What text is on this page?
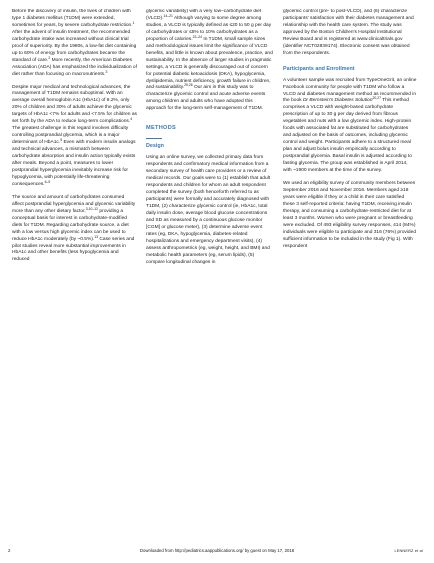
Before the discovery of insulin, the lives of children with type 1 diabetes mellitus (T1DM) were extended, sometimes for years, by severe carbohydrate restriction.$^1$ After the advent of insulin treatment, the recommended carbohydrate intake was increased without clinical trial proof of superiority. By the 1980s, a low-fat diet containing up to 60% of energy from carbohydrates became the standard of care.$^2$ More recently, the American Diabetes Association (ADA) has emphasized the individualization of diet rather than focusing on macronutrients.$^3$

Despite major medical and technological advances, the management of T1DM remains suboptimal. With an average overall hemoglobin A1c (HbA1c) of 8.2%, only 20% of children and 30% of adults achieve the glycemic targets of HbA1c <7% for adults and <7.5% for children as set forth by the ADA to reduce long-term complications.$^4$ The greatest challenge in this regard involves difficulty controlling postprandial glycemia, which is a major determinant of HbA1c.$^5$ Even with modern insulin analogs and technical advances, a mismatch between carbohydrate absorption and insulin action typically exists after meals. Beyond a point, measures to lower postprandial hyperglycemia inevitably increase risk for hypoglycemia, with potentially life-threatening consequences.$^{6-9}$

The source and amount of carbohydrates consumed affect postprandial hyperglycemia and glycemic variability more than any other dietary factor,$^{3,10-12}$ providing a conceptual basis for interest in carbohydrate-modified diets for T1DM. Regarding carbohydrate source, a diet with a low versus high glycemic index can be used to reduce HbA1c moderately (by ~0.5%).$^{13}$ Case series and pilot studies reveal more substantial improvements in HbA1c and other benefits (less hypoglycemia and reduced

glycemic variability) with a very low–carbohydrate diet (VLCD).$^{14-21}$ Although varying to some degree among studies, a VLCD is typically defined as ≤20 to 50 g per day of carbohydrates or ≤5% to 10% carbohydrates as a proportion of calories.$^{22-24}$ In T1DM, small sample sizes and methodological issues limit the significance of VLCD benefits, and little is known about prevalence, practice, and sustainability. In the absence of larger studies in pragmatic settings, a VLCD is generally discouraged out of concern for potential diabetic ketoacidosis (DKA), hypoglycemia, dyslipidemia, nutrient deficiency, growth failure in children, and sustainability.$^{25,26}$ Our aim in this study was to characterize glycemic control and acute adverse events among children and adults who have adopted this approach for the long-term self-management of T1DM.

METHODS
Design

Using an online survey, we collected primary data from respondents and confirmatory medical information from a secondary survey of health care providers or a review of medical records. Our goals were to (1) establish that adult respondents and children for whom an adult respondent completed the survey (both henceforth referred to as participants) were formally and accurately diagnosed with T1DM, (2) characterize glycemic control (ie, HbA1c, total daily insulin dose, average blood glucose concentrations and SD as measured by a continuous glucose monitor [CGM] or glucose meter), (3) determine adverse event rates (eg, DKA, hypoglycemia, diabetes-related hospitalizations and emergency department visits), (4) assess anthropometrics (eg, weight, height, and BMI) and metabolic health parameters (eg, serum lipids), (5) compare longitudinal changes in

glycemic control (pre- to post-VLCD), and (6) characterize participants' satisfaction with their diabetes management and relationship with the health care system. The study was approved by the Boston Children's Hospital Institutional Review Board and is registered at www.clinicaltrials.gov (identifier NCT02839174). Electronic consent was obtained from the respondents.

Participants and Enrollment

A volunteer sample was recruited from TypeOneGrit, an online Facebook community for people with T1DM who follow a VLCD and diabetes management method as recommended in the book Dr Bernstein's Diabetes Solution$^{20,27}$ This method comprises a VLCD with weight-based carbohydrate prescription of up to 30 g per day derived from fibrous vegetables and nuts with a low glycemic index. High-protein foods with associated fat are substituted for carbohydrates and adjusted on the basis of outcomes, including glycemic control and weight. Participants adhere to a structured meal plan and adjust bolus insulin empirically according to postprandial glycemia. Basal insulin is adjusted according to fasting glycemia. The group was established in April 2014, with ~1900 members at the time of the survey.

We used an eligibility survey of community members between September 2016 and November 2016. Members aged ≥18 years were eligible if they or a child in their care satisfied these 3 self-reported criteria: having T1DM, receiving insulin therapy, and consuming a carbohydrate-restricted diet for at least 3 months. Women who were pregnant or breastfeeding were excluded. Of 493 eligibility survey responses, 414 (84%) individuals were eligible to participate and 316 (76%) provided sufficient information to be included in the study (Fig 1). With respondent

2	Downloaded from http://pediatrics.aappublications.org/ by guest on May 17, 2018	LENNERZ et al
